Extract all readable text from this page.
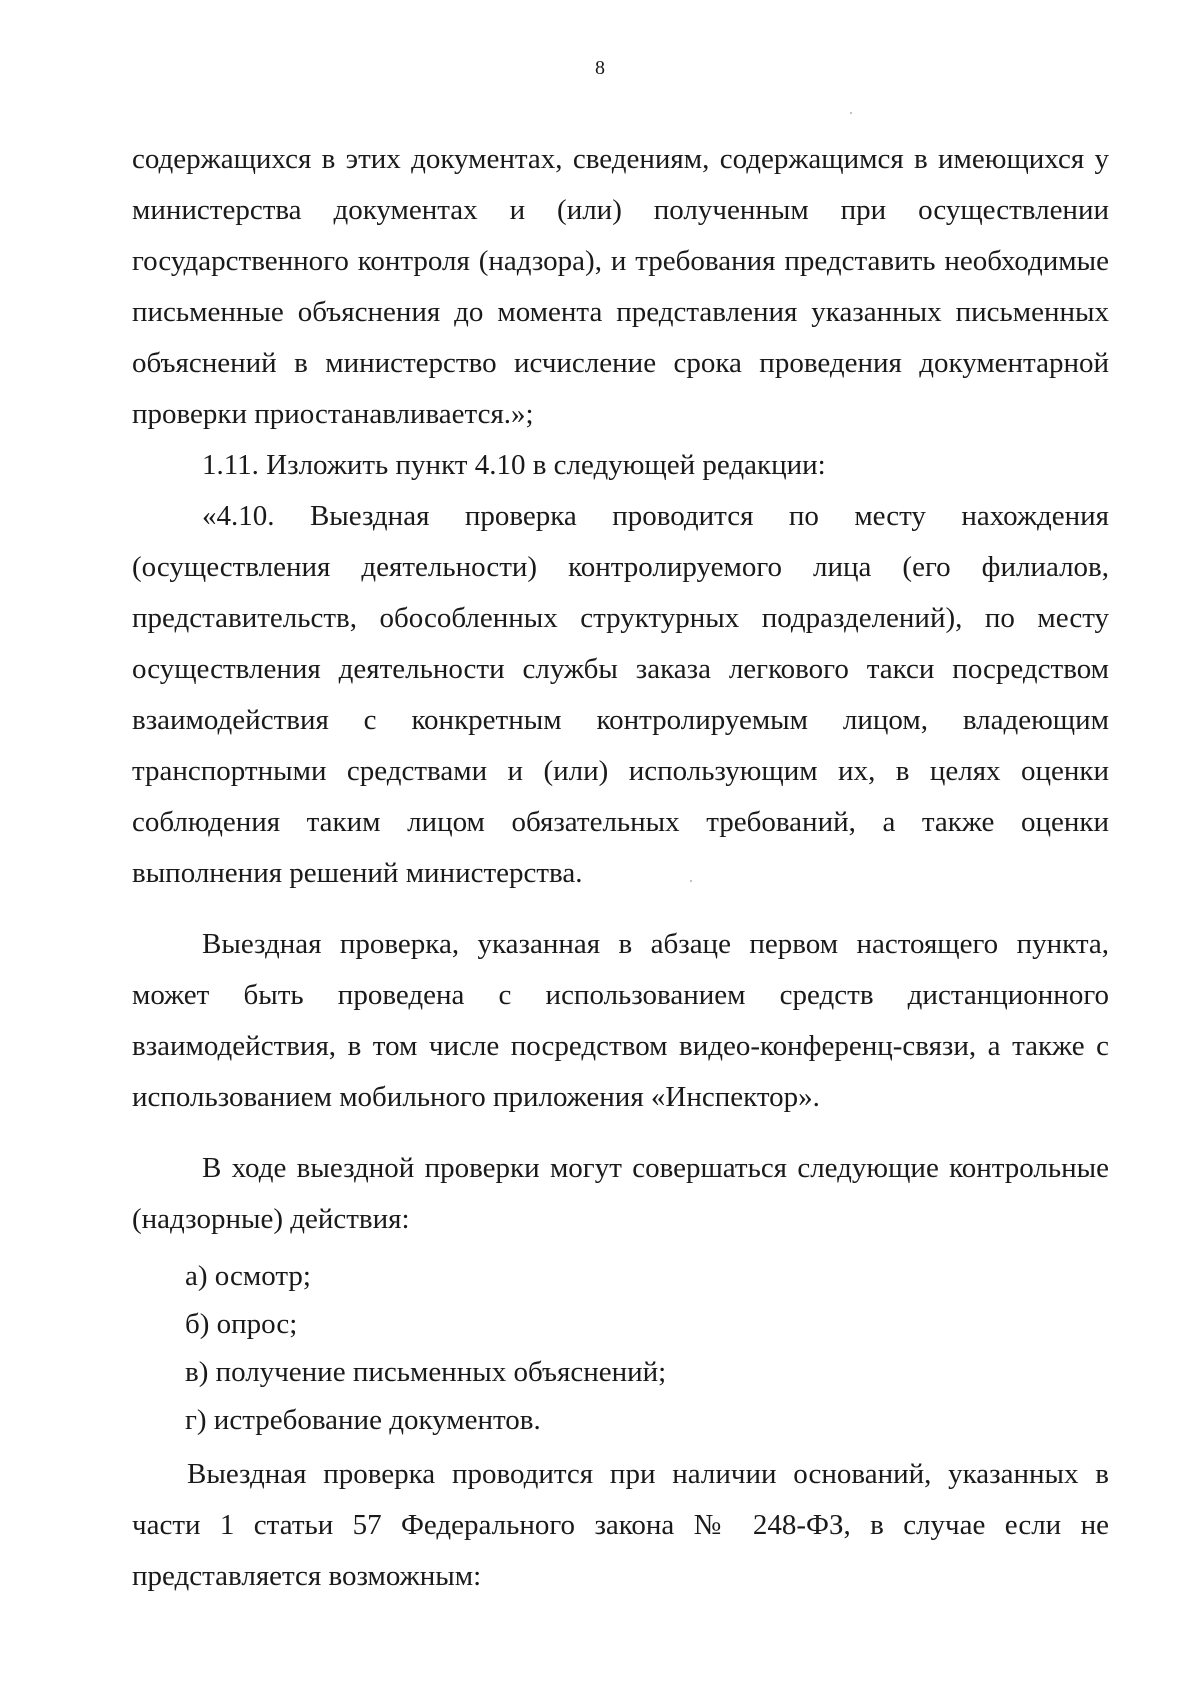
8

содержащихся в этих документах, сведениям, содержащимся в имеющихся у министерства документах и (или) полученным при осуществлении государственного контроля (надзора), и требования представить необходимые письменные объяснения до момента представления указанных письменных объяснений в министерство исчисление срока проведения документарной проверки приостанавливается.»;

1.11. Изложить пункт 4.10 в следующей редакции:

«4.10. Выездная проверка проводится по месту нахождения (осуществления деятельности) контролируемого лица (его филиалов, представительств, обособленных структурных подразделений), по месту осуществления деятельности службы заказа легкового такси посредством взаимодействия с конкретным контролируемым лицом, владеющим транспортными средствами и (или) использующим их, в целях оценки соблюдения таким лицом обязательных требований, а также оценки выполнения решений министерства.

Выездная проверка, указанная в абзаце первом настоящего пункта, может быть проведена с использованием средств дистанционного взаимодействия, в том числе посредством видео-конференц-связи, а также с использованием мобильного приложения «Инспектор».

В ходе выездной проверки могут совершаться следующие контрольные (надзорные) действия:

а) осмотр;

б) опрос;

в) получение письменных объяснений;

г) истребование документов.

Выездная проверка проводится при наличии оснований, указанных в части 1 статьи 57 Федерального закона № 248-ФЗ, в случае если не представляется возможным:
